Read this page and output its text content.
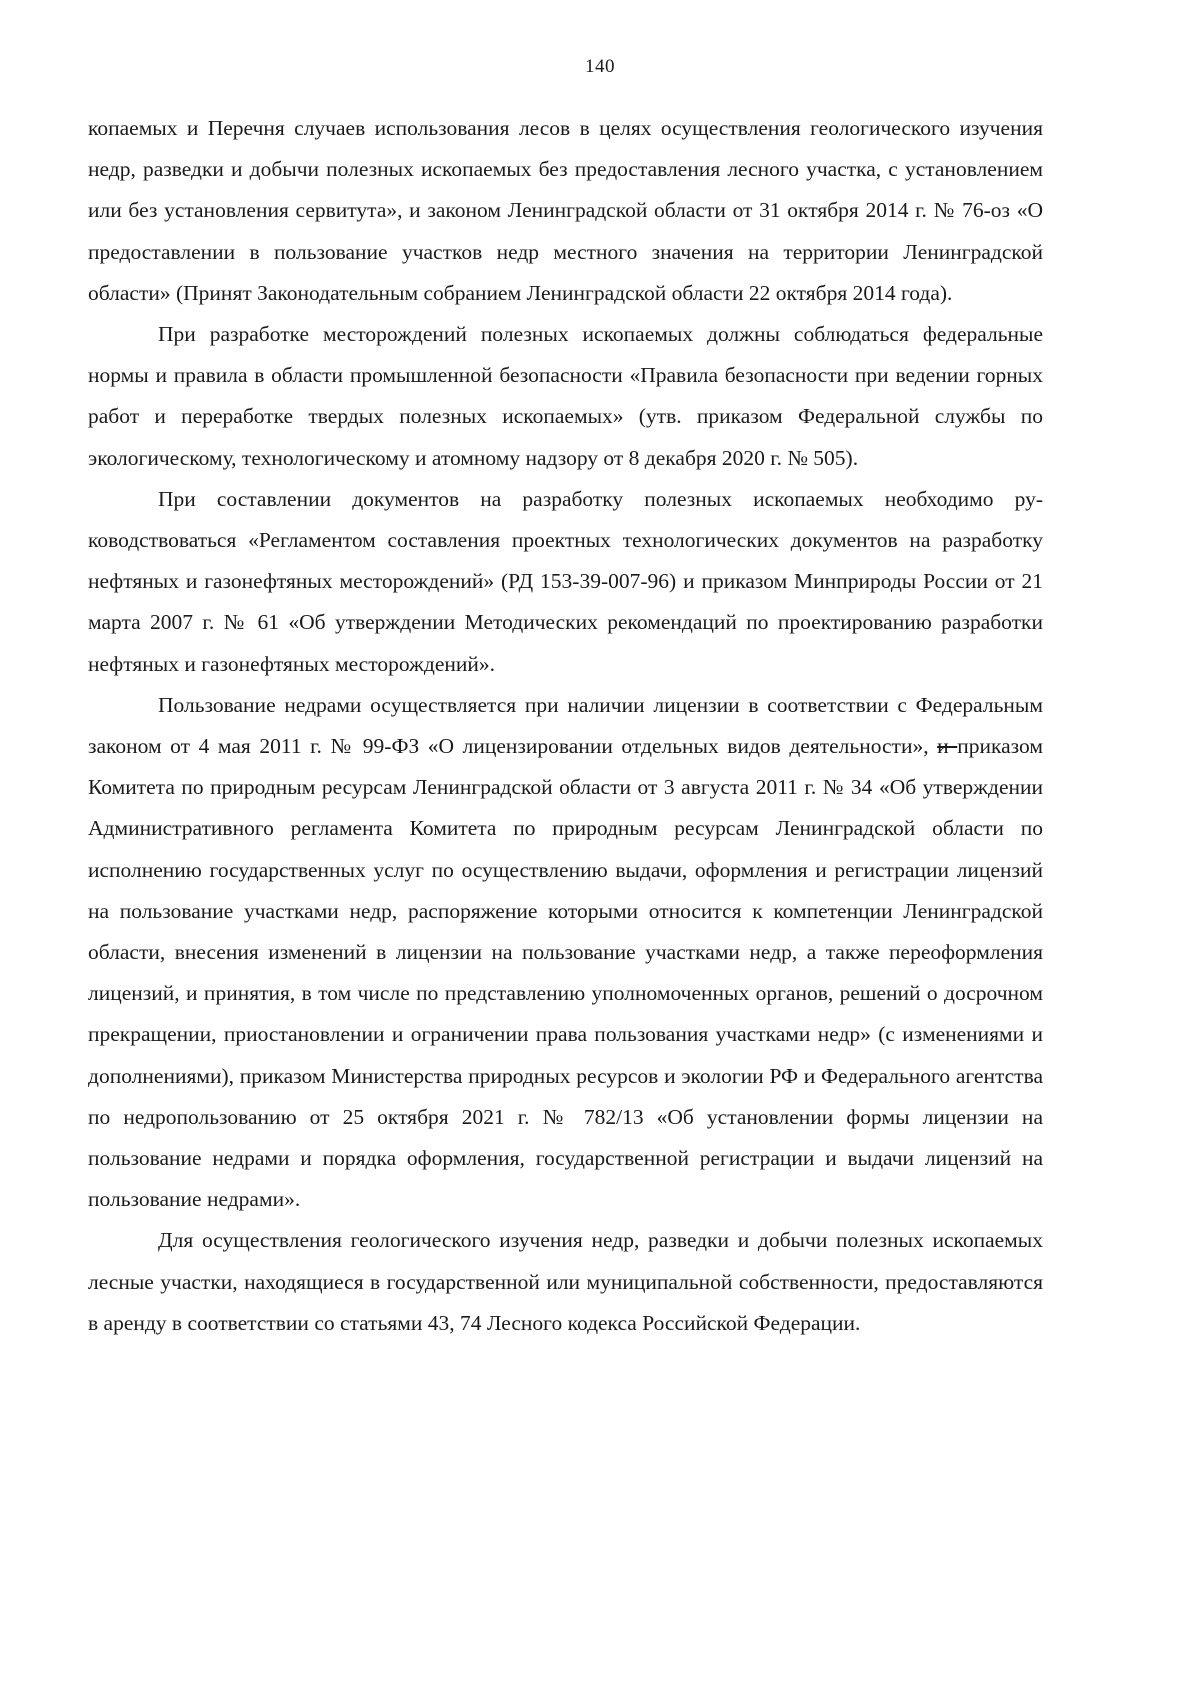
140

копаемых и Перечня случаев использования лесов в целях осуществления геологического изучения недр, разведки и добычи полезных ископаемых без предоставления лесного участка, с установлением или без установления сервитута», и законом Ленинградской области от 31 октября 2014 г. № 76-оз «О предоставлении в пользование участков недр местного значения на территории Ленинградской области» (Принят Законодательным собранием Ленинградской области 22 октября 2014 года).

При разработке месторождений полезных ископаемых должны соблюдаться федеральные нормы и правила в области промышленной безопасности «Правила безопасности при ведении горных работ и переработке твердых полезных ископаемых» (утв. приказом Федеральной службы по экологическому, технологическому и атомному надзору от 8 декабря 2020 г. № 505).

При составлении документов на разработку полезных ископаемых необходимо руководствоваться «Регламентом составления проектных технологических документов на разработку нефтяных и газонефтяных месторождений» (РД 153-39-007-96) и приказом Минприроды России от 21 марта 2007 г. № 61 «Об утверждении Методических рекомендаций по проектированию разработки нефтяных и газонефтяных месторождений».

Пользование недрами осуществляется при наличии лицензии в соответствии с Федеральным законом от 4 мая 2011 г. № 99-ФЗ «О лицензировании отдельных видов деятельности», и приказом Комитета по природным ресурсам Ленинградской области от 3 августа 2011 г. № 34 «Об утверждении Административного регламента Комитета по природным ресурсам Ленинградской области по исполнению государственных услуг по осуществлению выдачи, оформления и регистрации лицензий на пользование участками недр, распоряжение которыми относится к компетенции Ленинградской области, внесения изменений в лицензии на пользование участками недр, а также переоформления лицензий, и принятия, в том числе по представлению уполномоченных органов, решений о досрочном прекращении, приостановлении и ограничении права пользования участками недр» (с изменениями и дополнениями), приказом Министерства природных ресурсов и экологии РФ и Федерального агентства по недропользованию от 25 октября 2021 г. № 782/13 «Об установлении формы лицензии на пользование недрами и порядка оформления, государственной регистрации и выдачи лицензий на пользование недрами».

Для осуществления геологического изучения недр, разведки и добычи полезных ископаемых лесные участки, находящиеся в государственной или муниципальной собственности, предоставляются в аренду в соответствии со статьями 43, 74 Лесного кодекса Российской Федерации.
